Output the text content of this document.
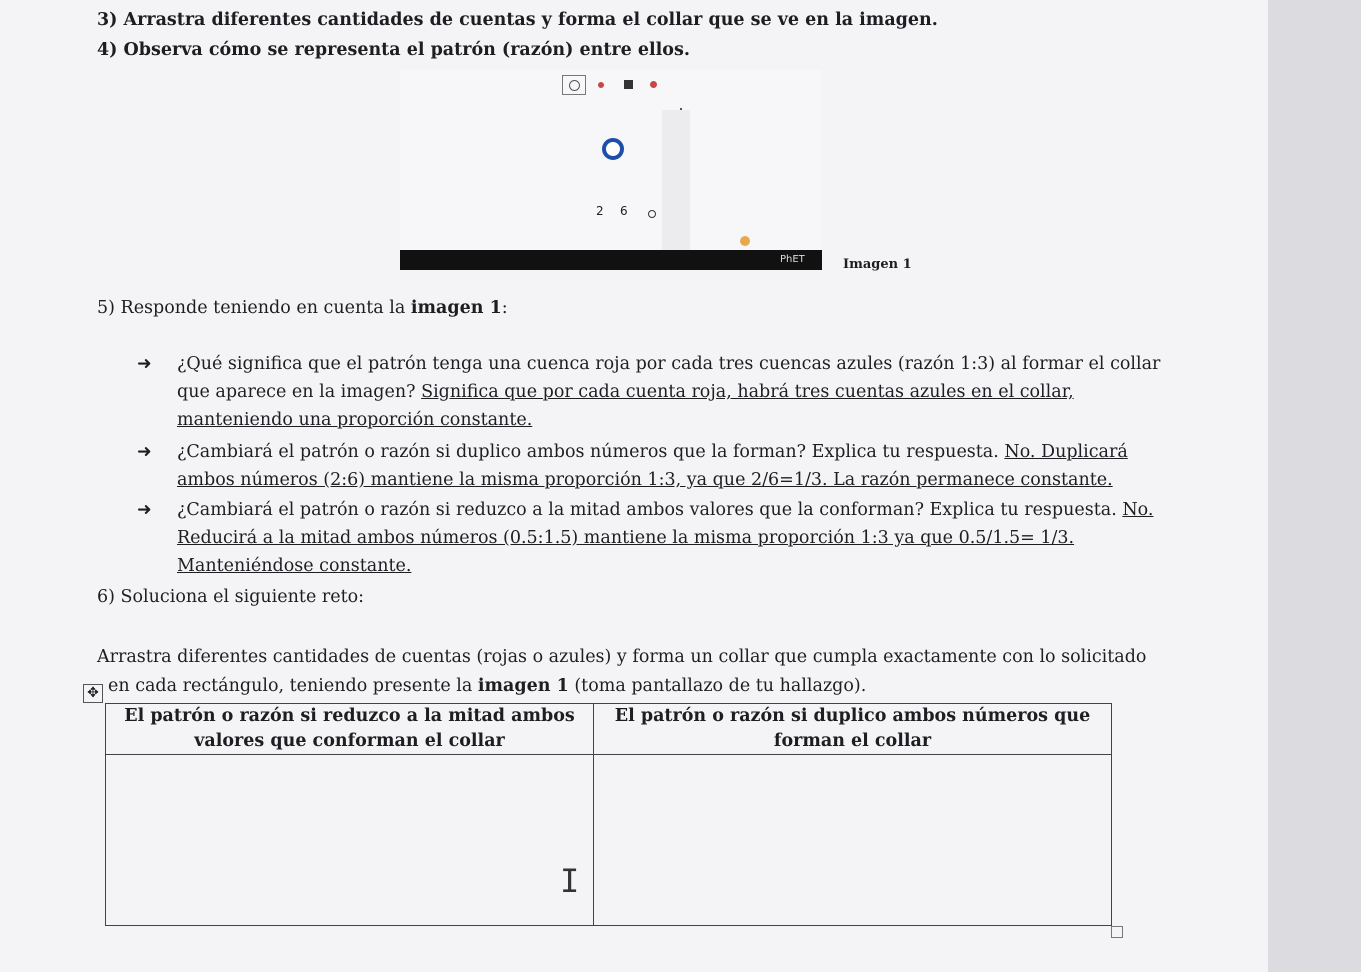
3) Arrastra diferentes cantidades de cuentas y forma el collar que se ve en la imagen.
4) Observa cómo se representa el patrón (razón) entre ellos.
2 6
PhET	Imagen 1
5) Responde teniendo en cuenta la imagen 1:
➜ ¿Qué significa que el patrón tenga una cuenca roja por cada tres cuencas azules (razón 1:3) al formar el collar
que aparece en la imagen? Significa que por cada cuenta roja, habrá tres cuentas azules en el collar,
manteniendo una proporción constante.
➜ ¿Cambiará el patrón o razón si duplico ambos números que la forman? Explica tu respuesta. No. Duplicará
ambos números (2:6) mantiene la misma proporción 1:3, ya que 2/6=1/3. La razón permanece constante.
➜ ¿Cambiará el patrón o razón si reduzco a la mitad ambos valores que la conforman? Explica tu respuesta. No.
Reducirá a la mitad ambos números (0.5:1.5) mantiene la misma proporción 1:3 ya que 0.5/1.5= 1/3.
Manteniéndose constante.
6) Soluciona el siguiente reto:
Arrastra diferentes cantidades de cuentas (rojas o azules) y forma un collar que cumpla exactamente con lo solicitado
en cada rectángulo, teniendo presente la imagen 1 (toma pantallazo de tu hallazgo).
✥
El patrón o razón si reduzco a la mitad ambos valores que conforman el collar	El patrón o razón si duplico ambos números que forman el collar

I
